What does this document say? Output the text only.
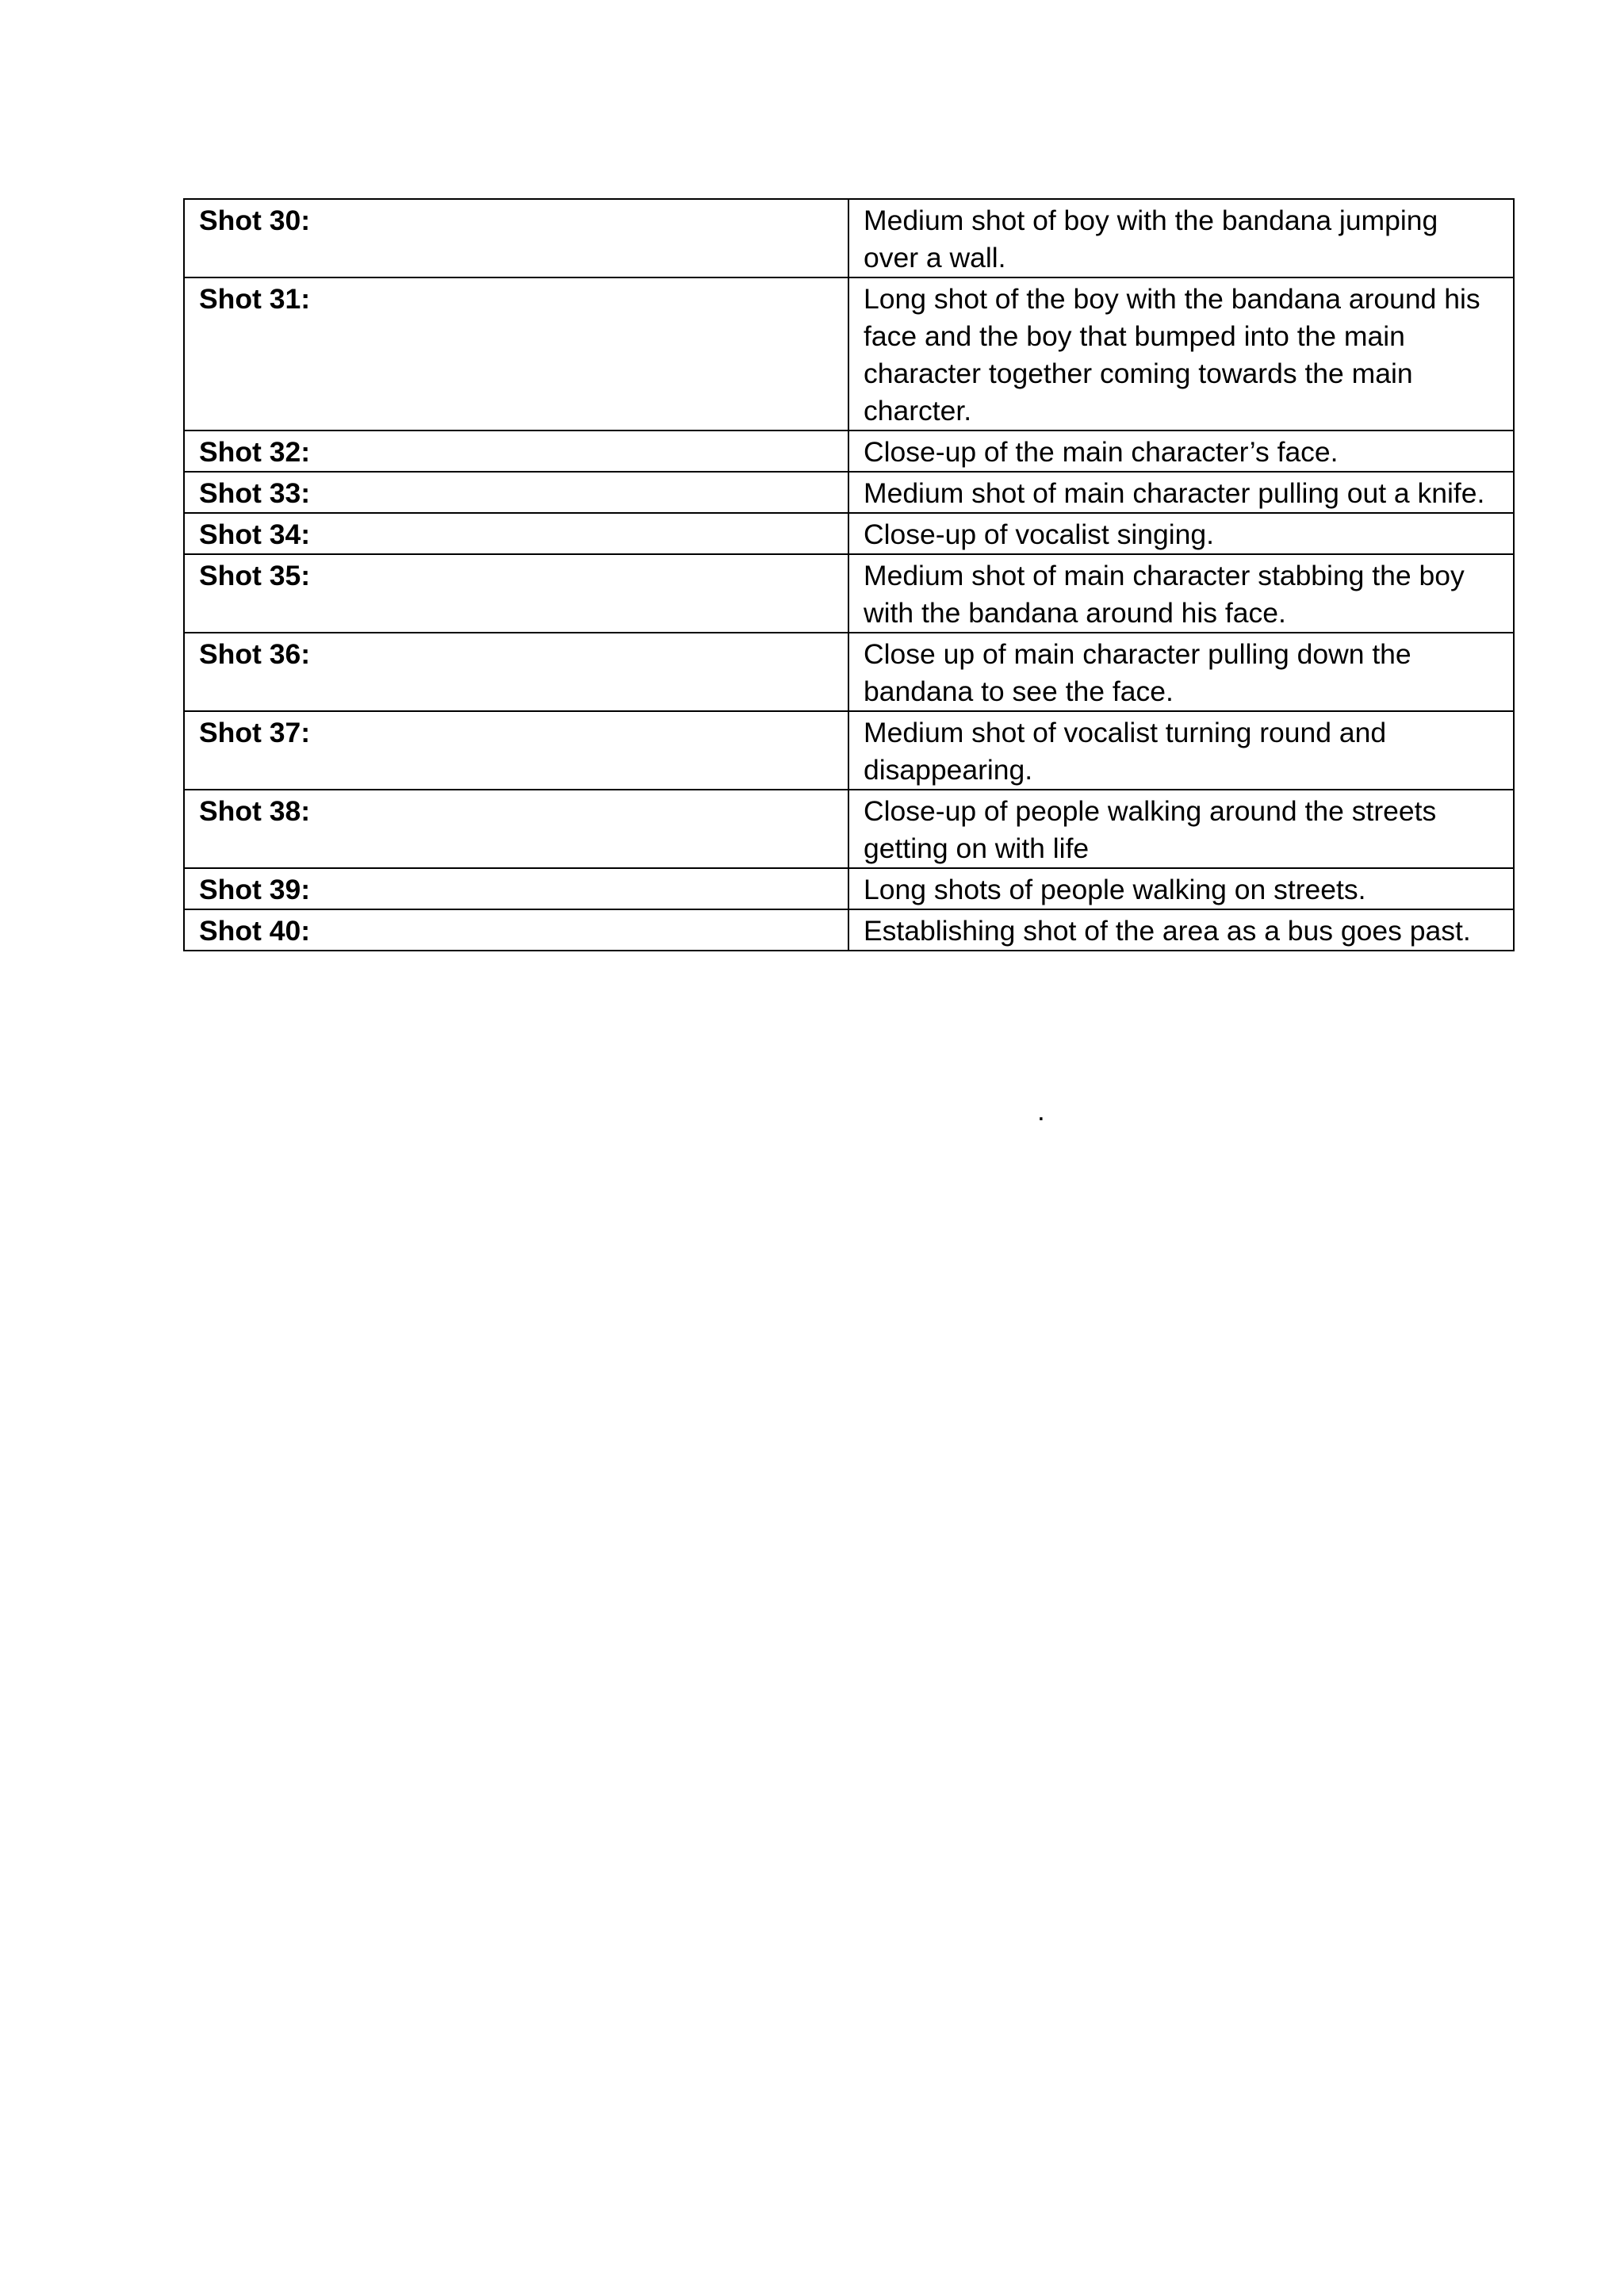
Shot 30:	Medium shot of boy with the bandana jumping over a wall.
Shot 31:	Long shot of the boy with the bandana around his face and the boy that bumped into the main character together coming towards the main charcter.
Shot 32:	Close-up of the main character’s face.
Shot 33:	Medium shot of main character pulling out a knife.
Shot 34:	Close-up of vocalist singing.
Shot 35:	Medium shot of main character stabbing the boy with the bandana around his face.
Shot 36:	Close up of main character pulling down the bandana to see the face.
Shot 37:	Medium shot of vocalist turning round and disappearing.
Shot 38:	Close-up of people walking around the streets getting on with life
Shot 39:	Long shots of people walking on streets.
Shot 40:	Establishing shot of the area as a bus goes past.
.
